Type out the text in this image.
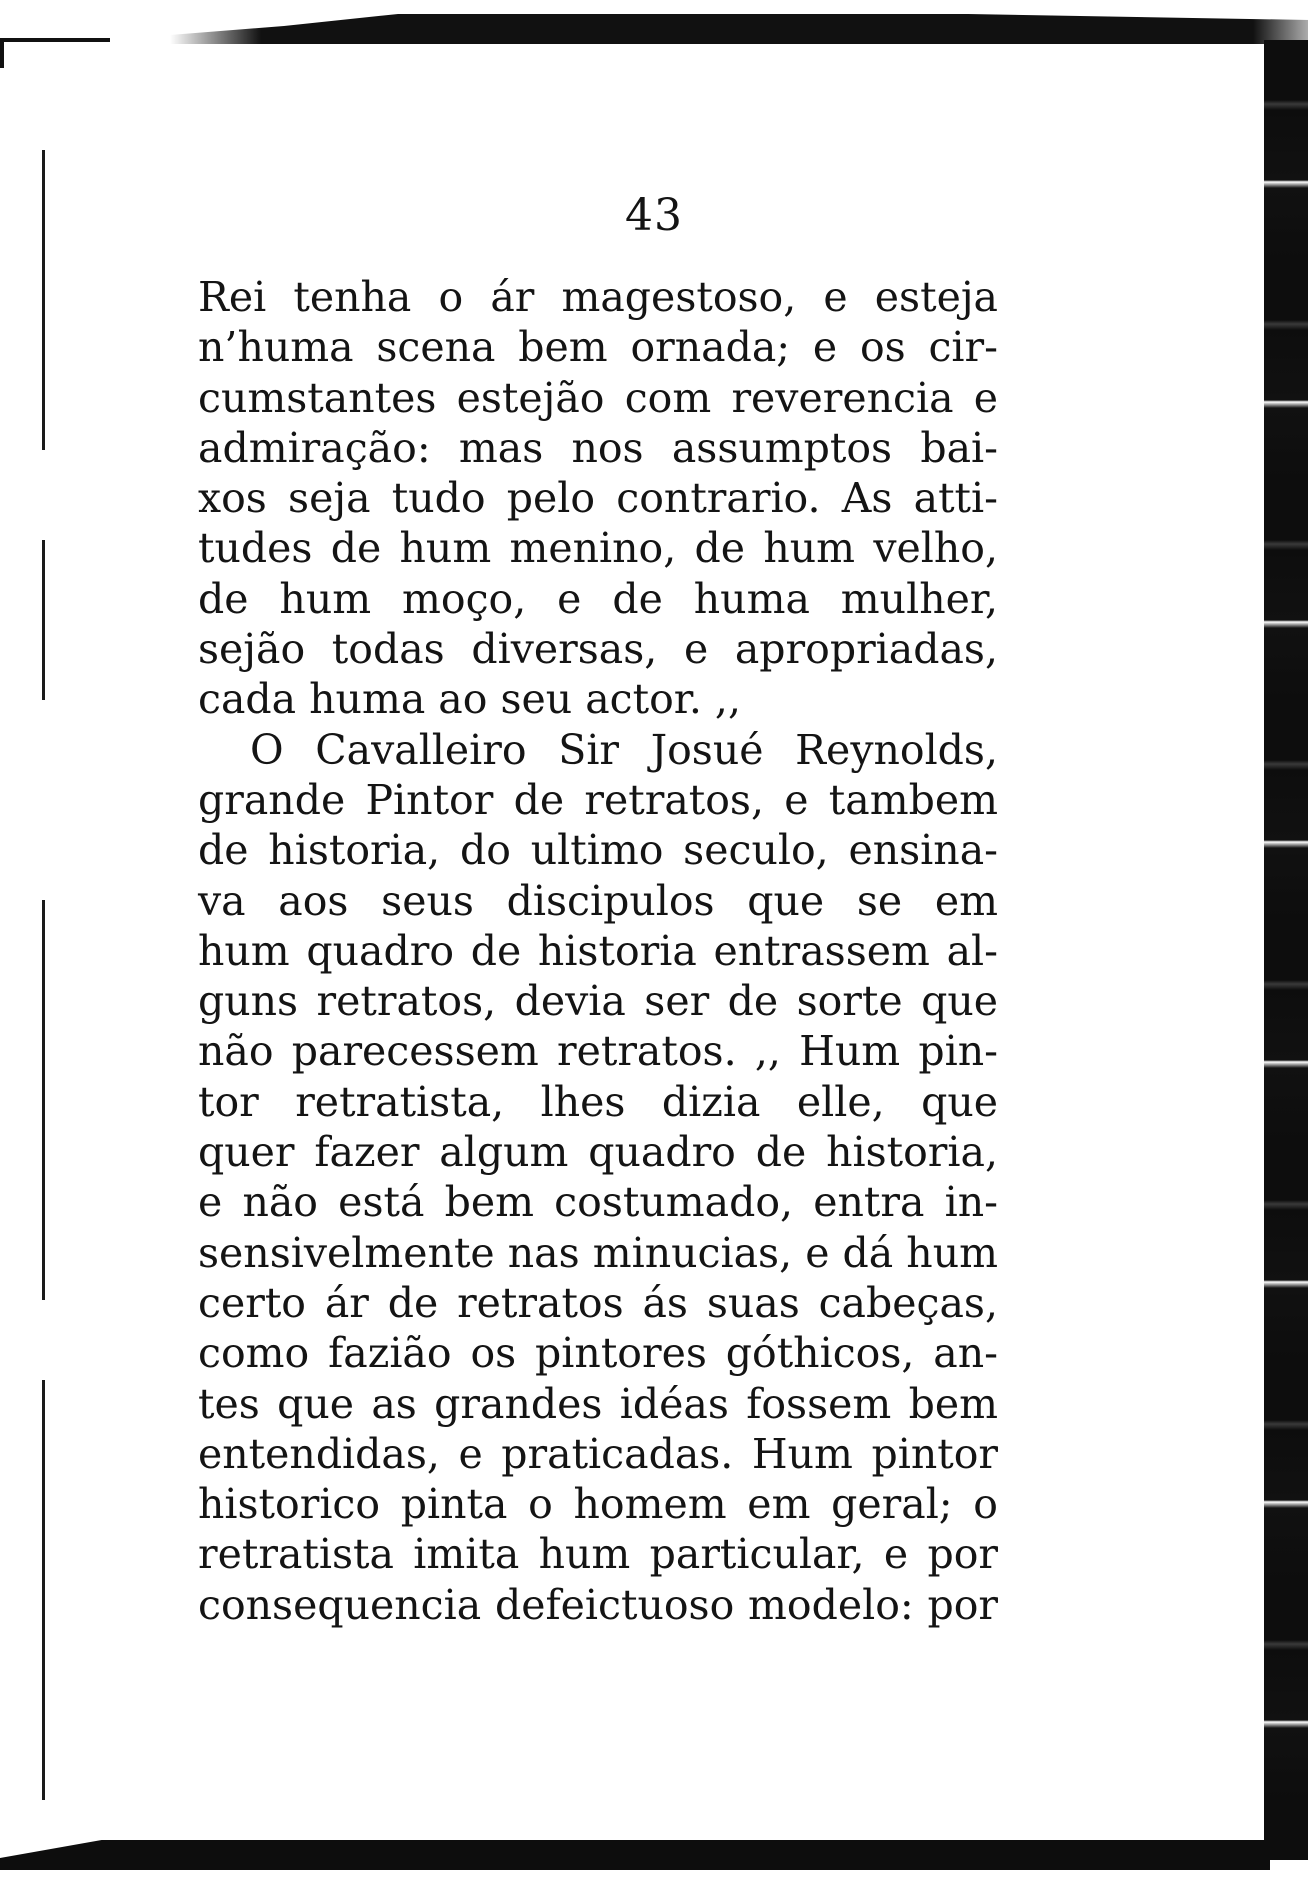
43
Rei tenha o ár magestoso, e esteja
n’huma scena bem ornada; e os cir-
cumstantes estejão com reverencia e
admiração: mas nos assumptos bai-
xos seja tudo pelo contrario. As atti-
tudes de hum menino, de hum velho,
de hum moço, e de huma mulher,
sejão todas diversas, e apropriadas,
cada huma ao seu actor. ,,
O Cavalleiro Sir Josué Reynolds,
grande Pintor de retratos, e tambem
de historia, do ultimo seculo, ensina-
va aos seus discipulos que se em
hum quadro de historia entrassem al-
guns retratos, devia ser de sorte que
não parecessem retratos. ,, Hum pin-
tor retratista, lhes dizia elle, que
quer fazer algum quadro de historia,
e não está bem costumado, entra in-
sensivelmente nas minucias, e dá hum
certo ár de retratos ás suas cabeças,
como fazião os pintores góthicos, an-
tes que as grandes idéas fossem bem
entendidas, e praticadas. Hum pintor
historico pinta o homem em geral; o
retratista imita hum particular, e por
consequencia defeictuoso modelo: por
